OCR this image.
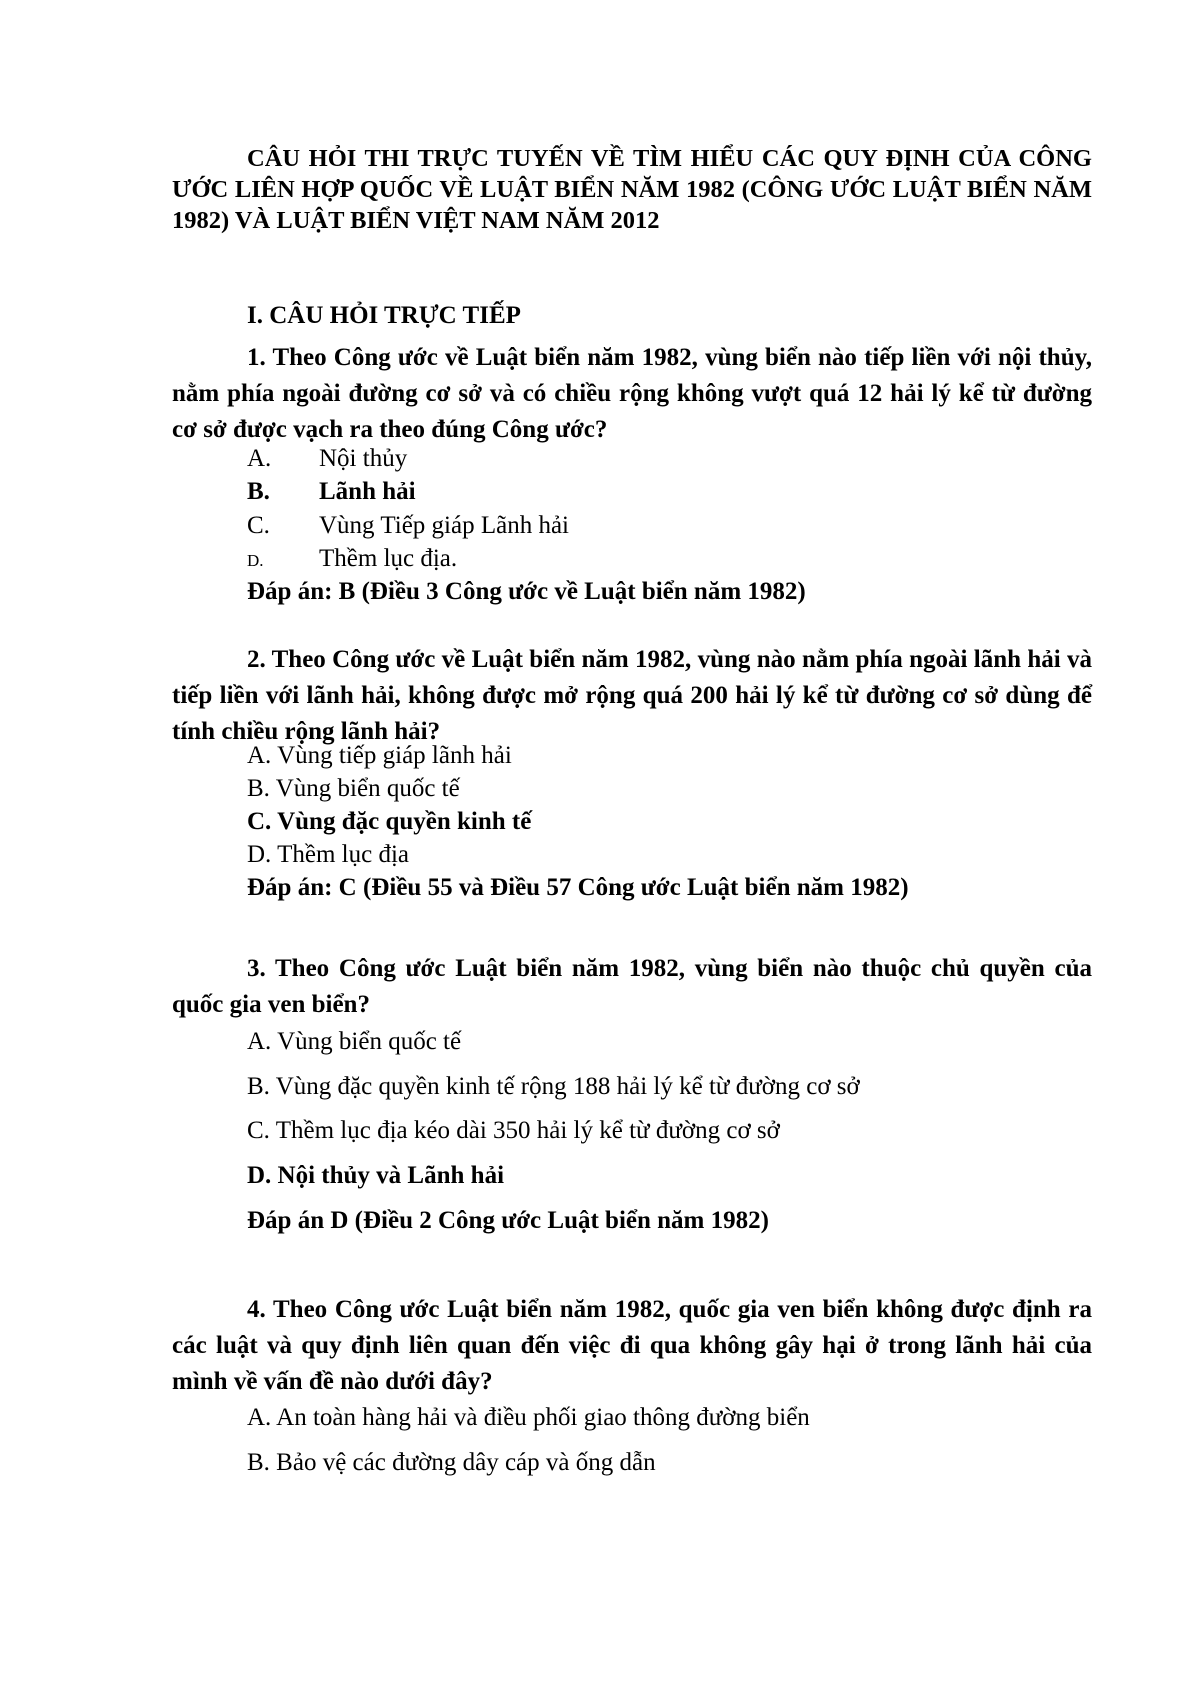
CÂU HỎI THI TRỰC TUYẾN VỀ TÌM HIỂU CÁC QUY ĐỊNH CỦA CÔNG ƯỚC LIÊN HỢP QUỐC VỀ LUẬT BIỂN NĂM 1982 (CÔNG ƯỚC LUẬT BIỂN NĂM 1982) VÀ LUẬT BIỂN VIỆT NAM NĂM 2012

I. CÂU HỎI TRỰC TIẾP

1. Theo Công ước về Luật biển năm 1982, vùng biển nào tiếp liền với nội thủy, nằm phía ngoài đường cơ sở và có chiều rộng không vượt quá 12 hải lý kể từ đường cơ sở được vạch ra theo đúng Công ước?

A. Nội thủy

B. Lãnh hải

C. Vùng Tiếp giáp Lãnh hải

D. Thềm lục địa.

Đáp án: B (Điều 3 Công ước về Luật biển năm 1982)

2. Theo Công ước về Luật biển năm 1982, vùng nào nằm phía ngoài lãnh hải và tiếp liền với lãnh hải, không được mở rộng quá 200 hải lý kể từ đường cơ sở dùng để tính chiều rộng lãnh hải?

A. Vùng tiếp giáp lãnh hải

B. Vùng biển quốc tế

C. Vùng đặc quyền kinh tế

D. Thềm lục địa

Đáp án: C (Điều 55 và Điều 57 Công ước Luật biển năm 1982)

3. Theo Công ước Luật biển năm 1982, vùng biển nào thuộc chủ quyền của quốc gia ven biển?

A. Vùng biển quốc tế

B. Vùng đặc quyền kinh tế rộng 188 hải lý kể từ đường cơ sở

C. Thềm lục địa kéo dài 350 hải lý kể từ đường cơ sở

D. Nội thủy và Lãnh hải

Đáp án D (Điều 2 Công ước Luật biển năm 1982)

4. Theo Công ước Luật biển năm 1982, quốc gia ven biển không được định ra các luật và quy định liên quan đến việc đi qua không gây hại ở trong lãnh hải của mình về vấn đề nào dưới đây?

A. An toàn hàng hải và điều phối giao thông đường biển

B. Bảo vệ các đường dây cáp và ống dẫn
